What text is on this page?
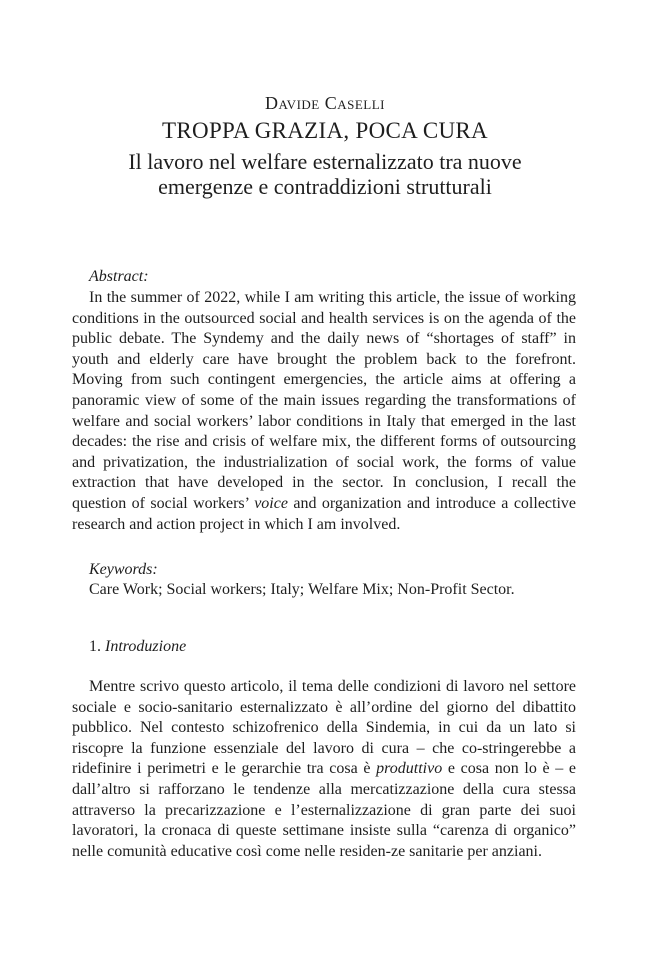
Davide Caselli
TROPPA GRAZIA, POCA CURA
Il lavoro nel welfare esternalizzato tra nuove
emergenze e contraddizioni strutturali
Abstract:
In the summer of 2022, while I am writing this article, the issue of working conditions in the outsourced social and health services is on the agenda of the public debate. The Syndemy and the daily news of “shortages of staff” in youth and elderly care have brought the problem back to the forefront. Moving from such contingent emergencies, the article aims at offering a panoramic view of some of the main issues regarding the transformations of welfare and social workers’ labor conditions in Italy that emerged in the last decades: the rise and crisis of welfare mix, the different forms of outsourcing and privatization, the industrialization of social work, the forms of value extraction that have developed in the sector. In conclusion, I recall the question of social workers’ voice and organization and introduce a collective research and action project in which I am involved.
Keywords:
Care Work; Social workers; Italy; Welfare Mix; Non-Profit Sector.
1. Introduzione
Mentre scrivo questo articolo, il tema delle condizioni di lavoro nel settore sociale e socio-sanitario esternalizzato è all’ordine del giorno del dibattito pubblico. Nel contesto schizofrenico della Sindemia, in cui da un lato si riscopre la funzione essenziale del lavoro di cura – che co-stringerebbe a ridefinire i perimetri e le gerarchie tra cosa è produttivo e cosa non lo è – e dall’altro si rafforzano le tendenze alla mercatizzazione della cura stessa attraverso la precarizzazione e l’esternalizzazione di gran parte dei suoi lavoratori, la cronaca di queste settimane insiste sulla “carenza di organico” nelle comunità educative così come nelle residen-ze sanitarie per anziani.
